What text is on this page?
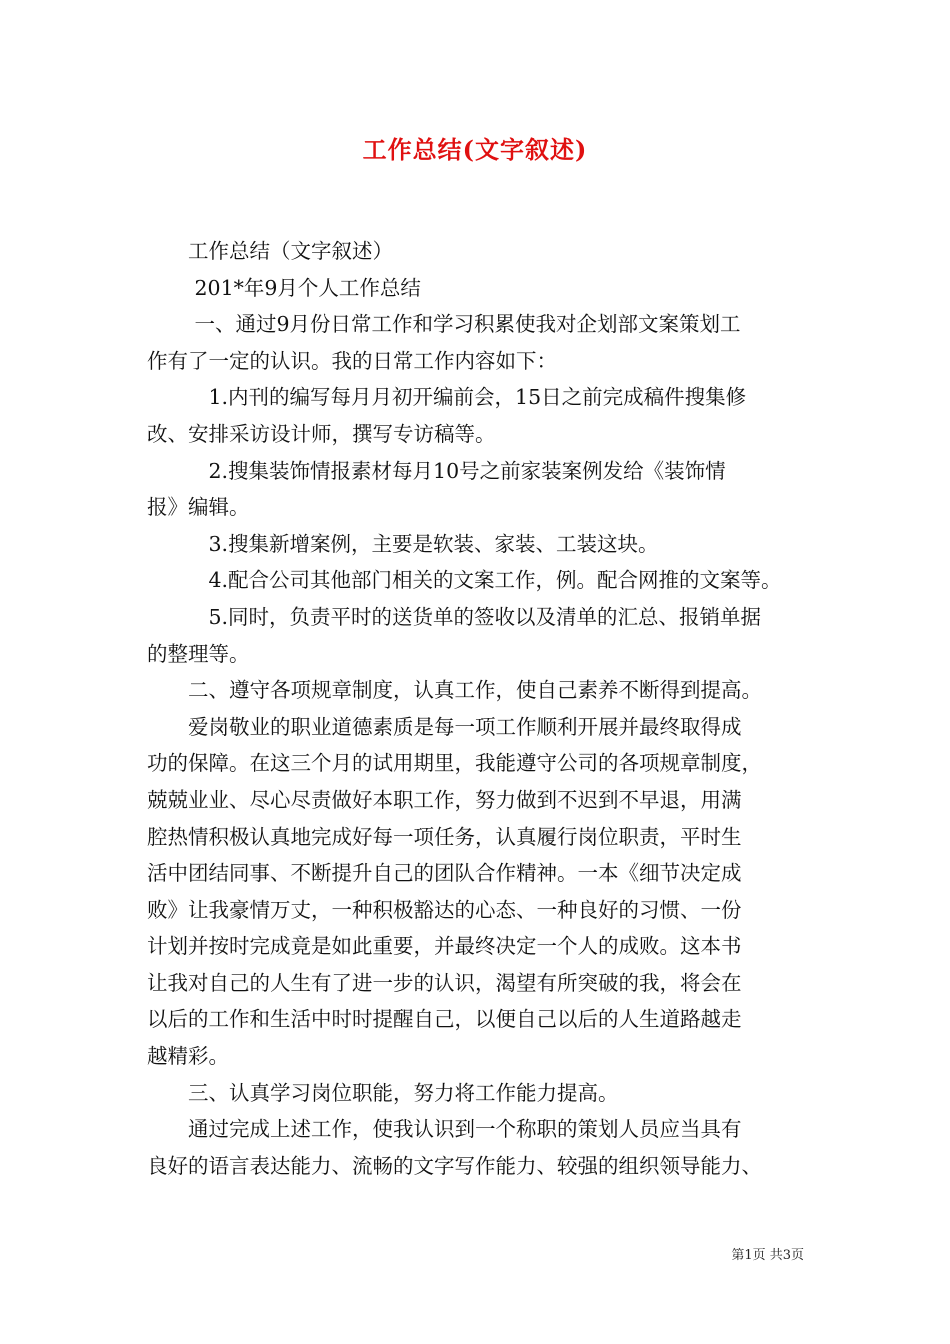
工作总结(文字叙述)
　　工作总结（文字叙述）
　　 201*年9月个人工作总结
　　 一、通过9月份日常工作和学习积累使我对企划部文案策划工
作有了一定的认识。我的日常工作内容如下：
　　　1.内刊的编写每月月初开编前会，15日之前完成稿件搜集修
改、安排采访设计师，撰写专访稿等。
　　　2.搜集装饰情报素材每月10号之前家装案例发给《装饰情
报》编辑。
　　　3.搜集新增案例，主要是软装、家装、工装这块。
　　　4.配合公司其他部门相关的文案工作，例。配合网推的文案等。
　　　5.同时，负责平时的送货单的签收以及清单的汇总、报销单据
的整理等。
　　二、遵守各项规章制度，认真工作，使自己素养不断得到提高。
　　爱岗敬业的职业道德素质是每一项工作顺利开展并最终取得成
功的保障。在这三个月的试用期里，我能遵守公司的各项规章制度，
兢兢业业、尽心尽责做好本职工作，努力做到不迟到不早退，用满
腔热情积极认真地完成好每一项任务，认真履行岗位职责，平时生
活中团结同事、不断提升自己的团队合作精神。一本《细节决定成
败》让我豪情万丈，一种积极豁达的心态、一种良好的习惯、一份
计划并按时完成竟是如此重要，并最终决定一个人的成败。这本书
让我对自己的人生有了进一步的认识，渴望有所突破的我，将会在
以后的工作和生活中时时提醒自己，以便自己以后的人生道路越走
越精彩。
　　三、认真学习岗位职能，努力将工作能力提高。
　　通过完成上述工作，使我认识到一个称职的策划人员应当具有
良好的语言表达能力、流畅的文字写作能力、较强的组织领导能力、
第1页 共3页
